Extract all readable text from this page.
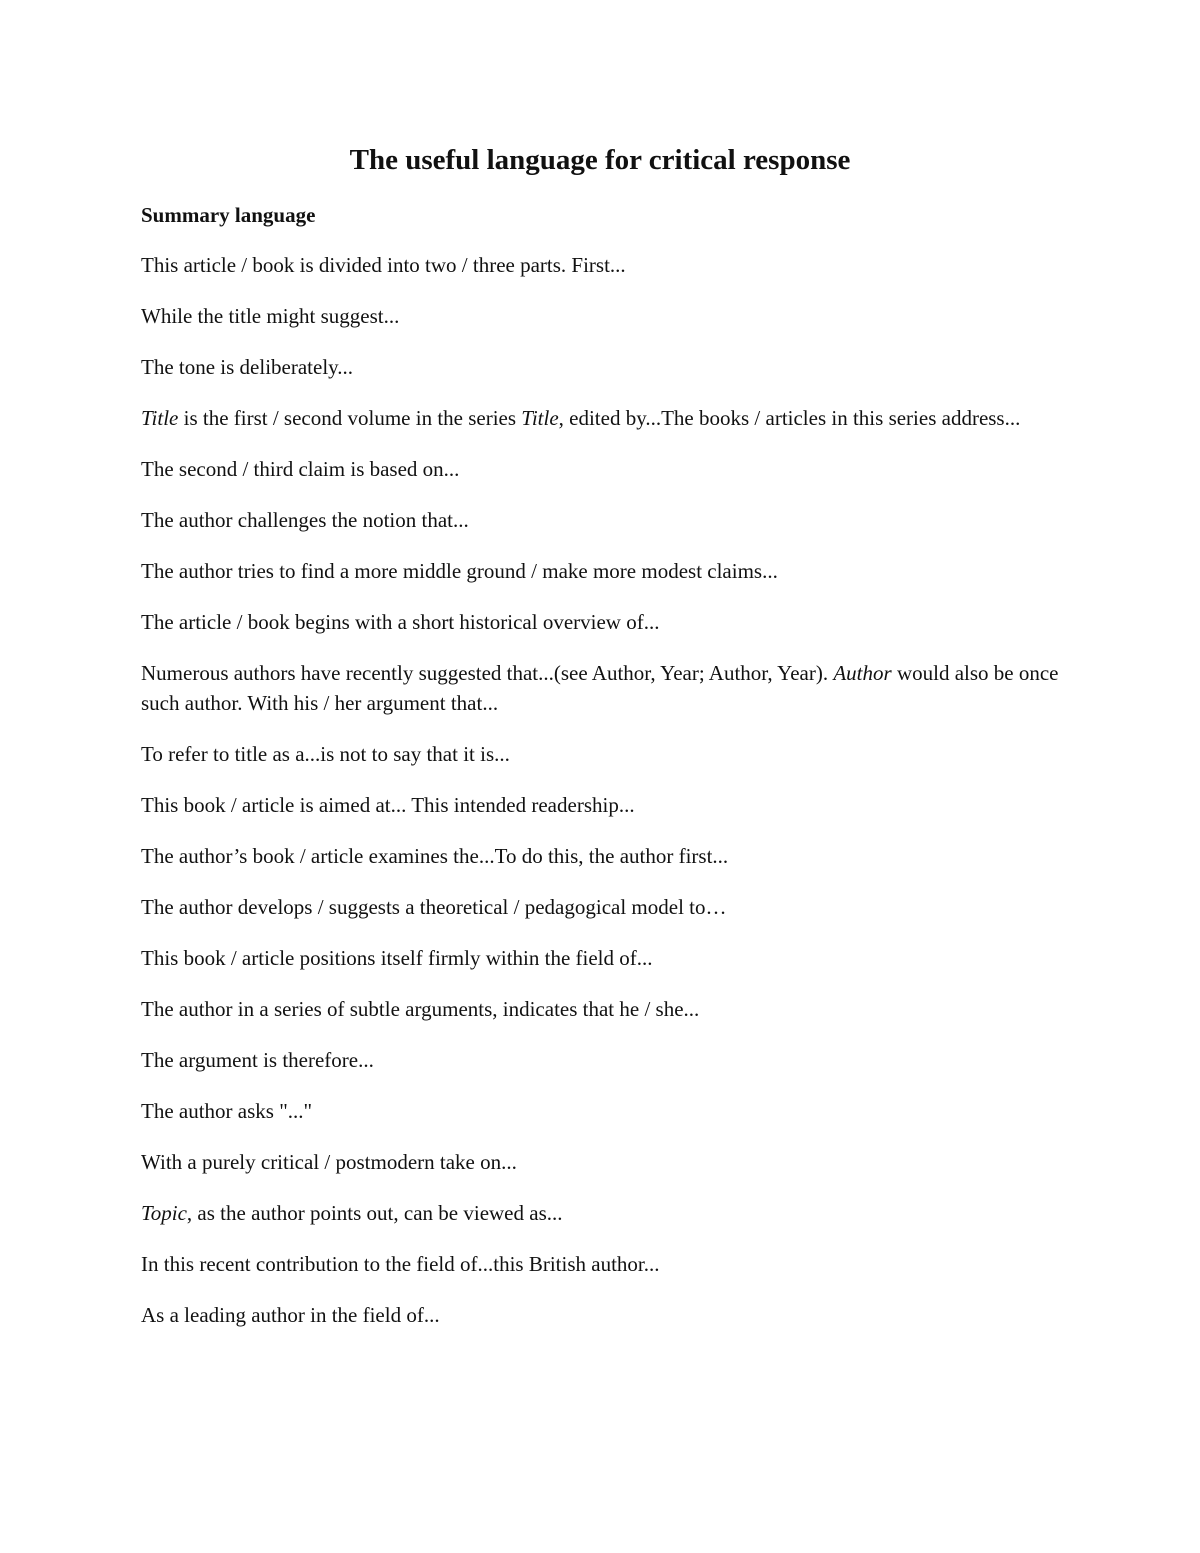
The useful language for critical response
Summary language

This article / book is divided into two / three parts. First...

While the title might suggest...

The tone is deliberately...

Title is the first / second volume in the series Title, edited by...The books / articles in this series address...

The second / third claim is based on...

The author challenges the notion that...

The author tries to find a more middle ground / make more modest claims...

The article / book begins with a short historical overview of...

Numerous authors have recently suggested that...(see Author, Year; Author, Year). Author would also be once such author. With his / her argument that...

To refer to title as a...is not to say that it is...

This book / article is aimed at... This intended readership...

The author’s book / article examines the...To do this, the author first...

The author develops / suggests a theoretical / pedagogical model to…

This book / article positions itself firmly within the field of...

The author in a series of subtle arguments, indicates that he / she...

The argument is therefore...

The author asks "..."

With a purely critical / postmodern take on...

Topic, as the author points out, can be viewed as...

In this recent contribution to the field of...this British author...

As a leading author in the field of...
